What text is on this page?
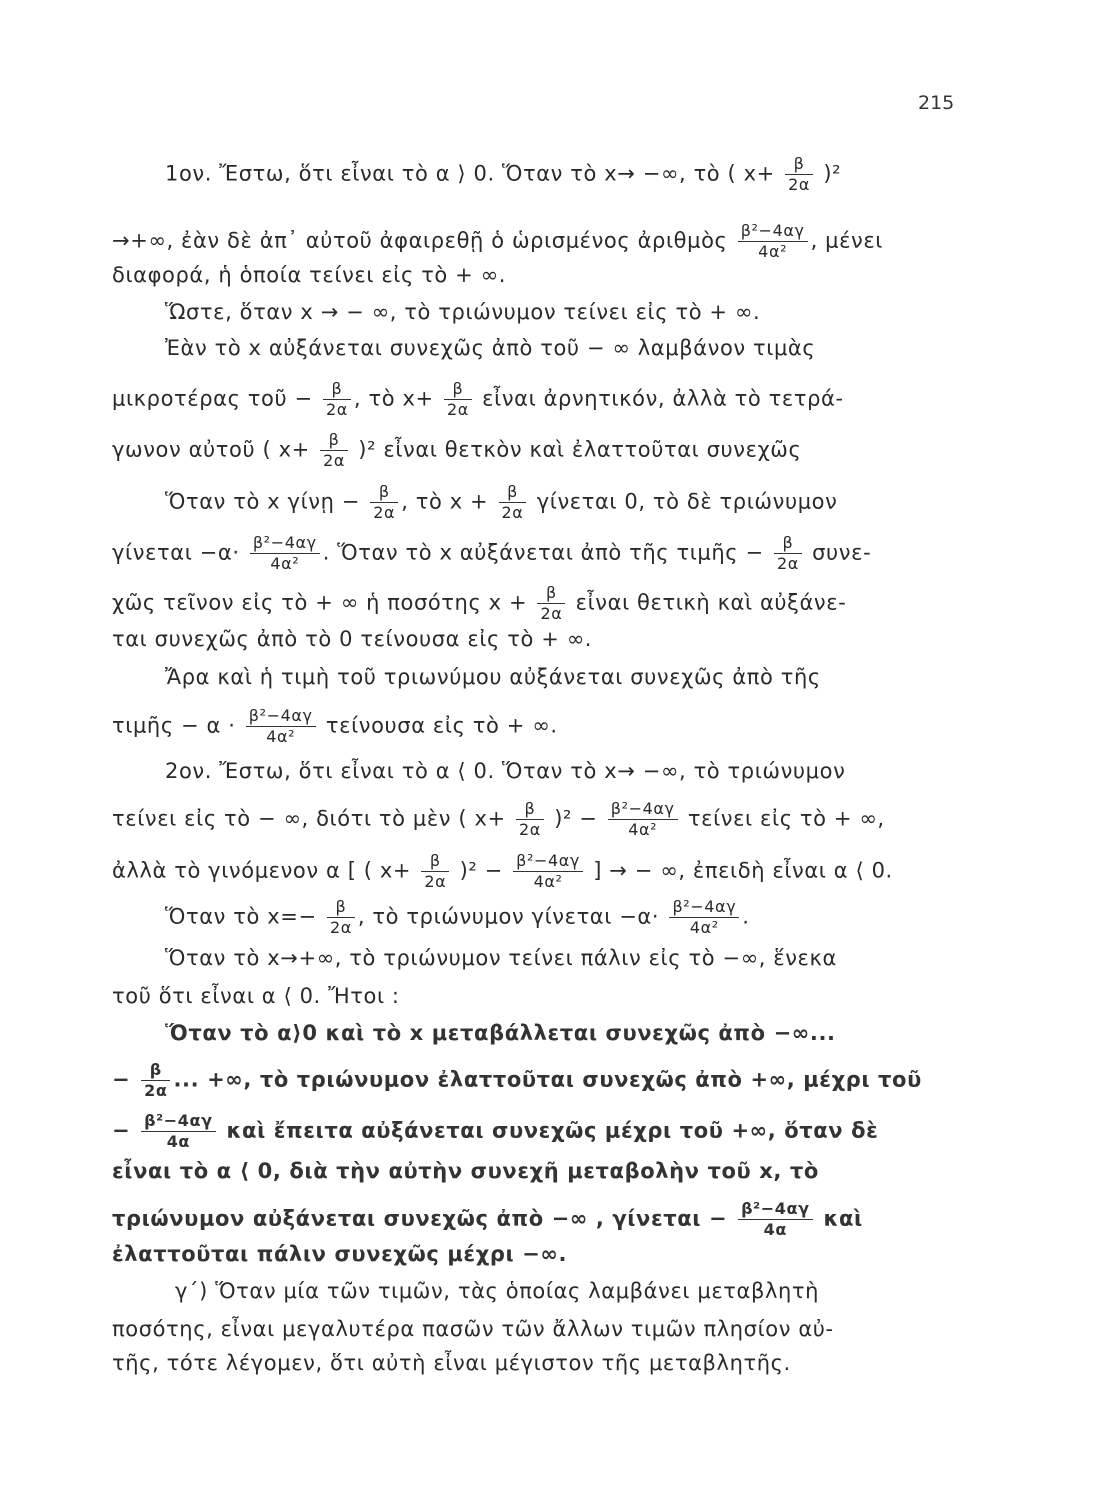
215
1ον. Ἔστω, ὅτι εἶναι τὸ α ⟩ 0. Ὅταν τὸ x→ −∞, τὸ ( $x+ \frac{\beta}{2\alpha} )^2$
→+∞, ἐὰν δὲ ἀπ᾿ αὐτοῦ ἀφαιρεθῇ ὁ ὡρισμένος ἀριθμὸς $\frac{\text{β²−4αγ}}{\text{4α²}}$ , μένει
διαφορά, ἡ ὁποία τείνει εἰς τὸ + ∞.
Ὥστε, ὅταν x → − ∞, τὸ τριώνυμον τείνει εἰς τὸ + ∞.
Ἐὰν τὸ x αὐξάνεται συνεχῶς ἀπὸ τοῦ − ∞ λαμβάνον τιμὰς
μικροτέρας τοῦ − $\frac{\beta}{2\alpha}$ , τὸ $x+ \frac{\beta}{2\alpha}$ εἶναι ἀρνητικόν, ἀλλὰ τὸ τετρά-
γωνον αὐτοῦ ( $x+ \frac{\beta}{2\alpha} )^2$ εἶναι θετκὸν καὶ ἐλαττοῦται συνεχῶς
Ὅταν τὸ x γίνῃ − $\frac{\beta}{2\alpha}$ , τὸ $x + \frac{\beta}{2\alpha}$ γίνεται 0, τὸ δὲ τριώνυμον
$\gamma ί\nu\varepsilon\tau\alpha\iota -\alpha\cdot \frac{\text{β²−4αγ}}{\text{4α²}}$ . Ὅταν τὸ x αὐξάνεται ἀπὸ τῆς τιμῆς − $\frac{\beta}{2\alpha} \sigma\upsilon\nu\varepsilon-$
χῶς τεῖνον εἰς τὸ + ∞ ἡ ποσότης $x + \frac{\beta}{2\alpha}$ εἶναι θετικὴ καὶ αὐξάνε-
ται συνεχῶς ἀπὸ τὸ 0 τείνουσα εἰς τὸ + ∞.
Ἄρα καὶ ἡ τιμὴ τοῦ τριωνύμου αὐξάνεται συνεχῶς ἀπὸ τῆς
τιμῆς − $\alpha \cdot \frac{\text{β²−4αγ}}{\text{4α²}}$ τείνουσα εἰς τὸ + ∞.
2ον. Ἔστω, ὅτι εἶναι τὸ α ⟨ 0. Ὅταν τὸ x→ −∞, τὸ τριώνυμον
τείνει εἰς τὸ − ∞, διότι τὸ μὲν ( $x+ \frac{\beta}{2\alpha} )^2 - \frac{\text{β²−4αγ}}{\text{4α²}}$ τείνει εἰς τὸ + ∞,
ἀλλὰ τὸ γινόμενον α [ ( $x+ \frac{\beta}{2\alpha} )^2 - \frac{\text{β²−4αγ}}{\text{4α²}}$ ] → − ∞, ἐπειδὴ εἶναι α ⟨ 0.
Ὅταν τὸ $x=- \frac{\beta}{2\alpha}$ , τὸ τριώνυμον $\gamma ί\nu\varepsilon\tau\alpha\iota -\alpha\cdot \frac{\text{β²−4αγ}}{\text{4α²}}$ .
Ὅταν τὸ x→+∞, τὸ τριώνυμον τείνει πάλιν εἰς τὸ −∞, ἕνεκα
τοῦ ὅτι εἶναι α ⟨ 0. Ἤτοι :
Ὅταν τὸ α⟩0 καὶ τὸ x μεταβάλλεται συνεχῶς ἀπὸ −∞...
− $\frac{\beta}{2\alpha}$ ... +∞, τὸ τριώνυμον ἐλαττοῦται συνεχῶς ἀπὸ +∞, μέχρι τοῦ
− $\frac{\text{β²−4αγ}}{4\alpha}$ καὶ ἔπειτα αὐξάνεται συνεχῶς μέχρι τοῦ +∞, ὅταν δὲ
εἶναι τὸ α ⟨ 0, διὰ τὴν αὐτὴν συνεχῆ μεταβολὴν τοῦ x, τὸ
τριώνυμον αὐξάνεται συνεχῶς ἀπὸ −∞ , $\gamma ί\nu\varepsilon\tau\alpha\iota - \frac{\text{β²−4αγ}}{4\alpha}$ καὶ
ἐλαττοῦται πάλιν συνεχῶς μέχρι −∞.
γ΄) Ὅταν μία τῶν τιμῶν, τὰς ὁποίας λαμβάνει μεταβλητὴ
ποσότης, εἶναι μεγαλυτέρα πασῶν τῶν ἄλλων τιμῶν πλησίον αὐ-
τῆς, τότε λέγομεν, ὅτι αὐτὴ εἶναι μέγιστον τῆς μεταβλητῆς.
